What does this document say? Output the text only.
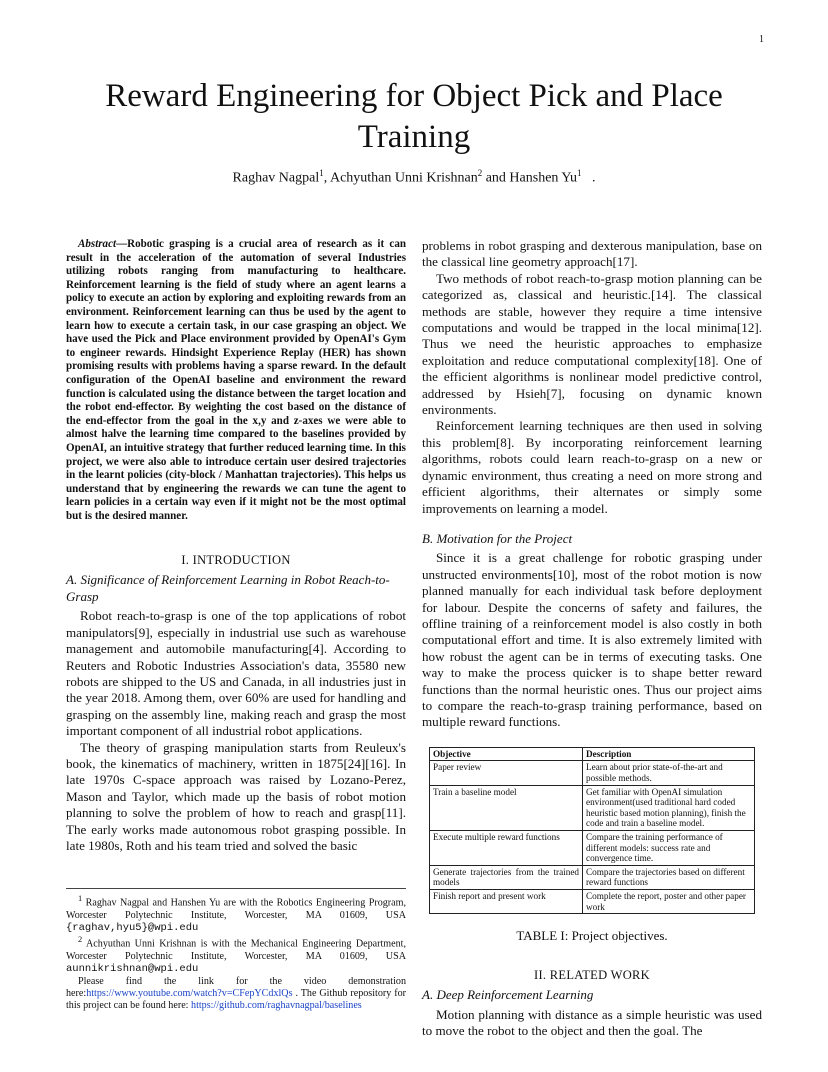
1
Reward Engineering for Object Pick and Place Training
Raghav Nagpal$^1$, Achyuthan Unni Krishnan$^2$ and Hanshen Yu$^1$   .

Abstract—Robotic grasping is a crucial area of research as it can result in the acceleration of the automation of several Industries utilizing robots ranging from manufacturing to healthcare. Reinforcement learning is the field of study where an agent learns a policy to execute an action by exploring and exploiting rewards from an environment. Reinforcement learning can thus be used by the agent to learn how to execute a certain task, in our case grasping an object. We have used the Pick and Place environment provided by OpenAI's Gym to engineer rewards. Hindsight Experience Replay (HER) has shown promising results with problems having a sparse reward. In the default configuration of the OpenAI baseline and environment the reward function is calculated using the distance between the target location and the robot end-effector. By weighting the cost based on the distance of the end-effector from the goal in the x,y and z-axes we were able to almost halve the learning time compared to the baselines provided by OpenAI, an intuitive strategy that further reduced learning time. In this project, we were also able to introduce certain user desired trajectories in the learnt policies (city-block / Manhattan trajectories). This helps us understand that by engineering the rewards we can tune the agent to learn policies in a certain way even if it might not be the most optimal but is the desired manner.

I. INTRODUCTION
A. Significance of Reinforcement Learning in Robot Reach-to-Grasp

Robot reach-to-grasp is one of the top applications of robot manipulators[9], especially in industrial use such as warehouse management and automobile manufacturing[4]. According to Reuters and Robotic Industries Association's data, 35580 new robots are shipped to the US and Canada, in all industries just in the year 2018. Among them, over 60% are used for handling and grasping on the assembly line, making reach and grasp the most important component of all industrial robot applications.

The theory of grasping manipulation starts from Reuleux's book, the kinematics of machinery, written in 1875[24][16]. In late 1970s C-space approach was raised by Lozano-Perez, Mason and Taylor, which made up the basis of robot motion planning to solve the problem of how to reach and grasp[11]. The early works made autonomous robot grasping possible. In late 1980s, Roth and his team tried and solved the basic

$^1$ Raghav Nagpal and Hanshen Yu are with the Robotics Engineering Program, Worcester Polytechnic Institute, Worcester, MA 01609, USA {raghav,hyu5}@wpi.edu

$^2$ Achyuthan Unni Krishnan is with the Mechanical Engineering Department, Worcester Polytechnic Institute, Worcester, MA 01609, USA aunnikrishnan@wpi.edu

Please find the link for the video demonstration here:https://www.youtube.com/watch?v=CFepYCdxlQs . The Github repository for this project can be found here: https://github.com/raghavnagpal/baselines

problems in robot grasping and dexterous manipulation, base on the classical line geometry approach[17].

Two methods of robot reach-to-grasp motion planning can be categorized as, classical and heuristic.[14]. The classical methods are stable, however they require a time intensive computations and would be trapped in the local minima[12]. Thus we need the heuristic approaches to emphasize exploitation and reduce computational complexity[18]. One of the efficient algorithms is nonlinear model predictive control, addressed by Hsieh[7], focusing on dynamic known environments.

Reinforcement learning techniques are then used in solving this problem[8]. By incorporating reinforcement learning algorithms, robots could learn reach-to-grasp on a new or dynamic environment, thus creating a need on more strong and efficient algorithms, their alternates or simply some improvements on learning a model.

B. Motivation for the Project

Since it is a great challenge for robotic grasping under unstructed environments[10], most of the robot motion is now planned manually for each individual task before deployment for labour. Despite the concerns of safety and failures, the offline training of a reinforcement model is also costly in both computational effort and time. It is also extremely limited with how robust the agent can be in terms of executing tasks. One way to make the process quicker is to shape better reward functions than the normal heuristic ones. Thus our project aims to compare the reach-to-grasp training performance, based on multiple reward functions.

Objective	Description
Paper review	Learn about prior state-of-the-art and possible methods.
Train a baseline model	Get familiar with OpenAI simulation environment(used traditional hard coded heuristic based motion planning), finish the code and train a baseline model.
Execute multiple reward functions	Compare the training performance of different models: success rate and convergence time.
Generate trajectories from the trained models	Compare the trajectories based on different reward functions
Finish report and present work	Complete the report, poster and other paper work
TABLE I: Project objectives.
II. RELATED WORK
A. Deep Reinforcement Learning

Motion planning with distance as a simple heuristic was used to move the robot to the object and then the goal. The
